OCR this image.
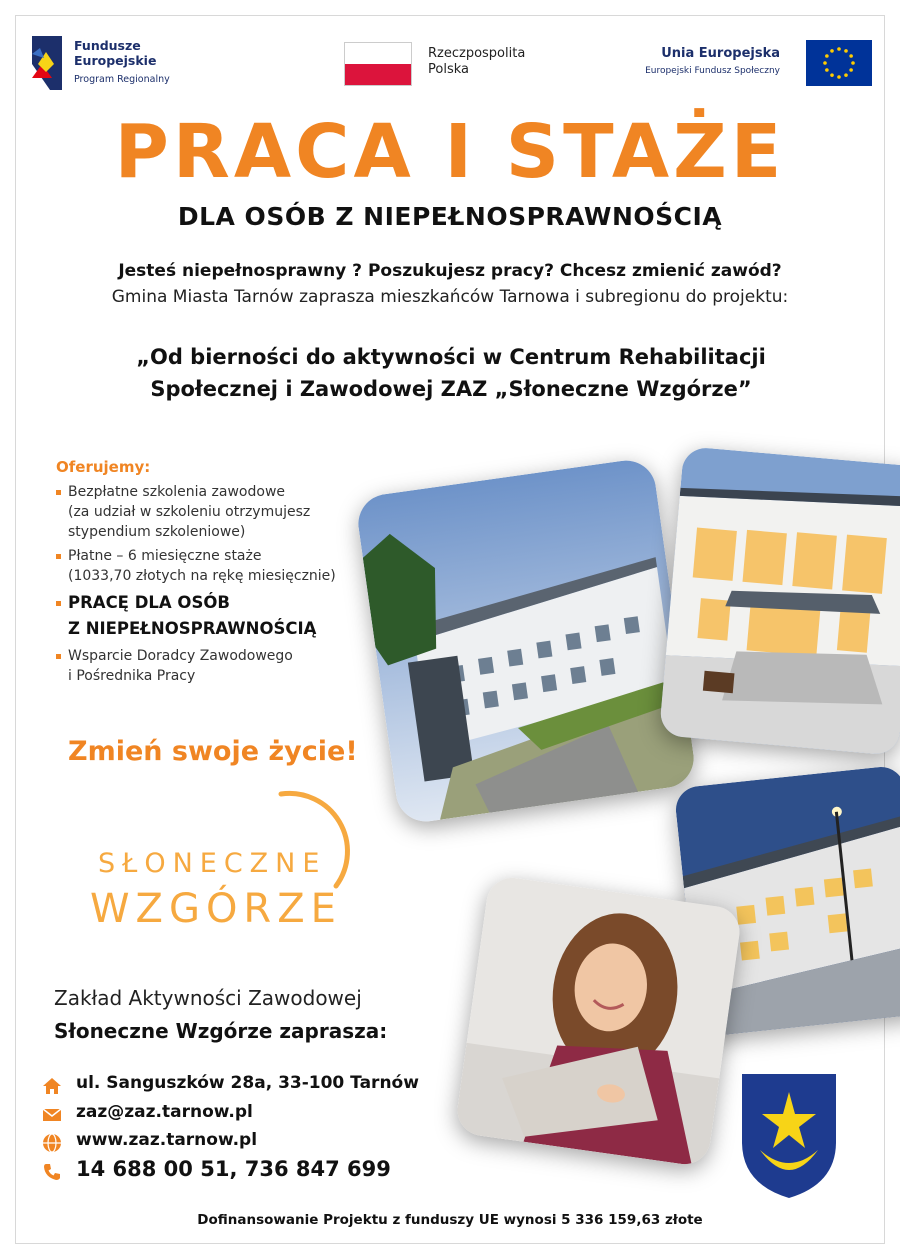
Fundusze
Europejskie
Program Regionalny
Rzeczpospolita
Polska
Unia Europejska
Europejski Fundusz Społeczny
PRACA I STAŻE
DLA OSÓB Z NIEPEŁNOSPRAWNOŚCIĄ
Jesteś niepełnosprawny ? Poszukujesz pracy? Chcesz zmienić zawód?
Gmina Miasta Tarnów zaprasza mieszkańców Tarnowa i subregionu do projektu:
„Od bierności do aktywności w Centrum Rehabilitacji
Społecznej i Zawodowej ZAZ „Słoneczne Wzgórze”
Oferujemy:
Bezpłatne szkolenia zawodowe
(za udział w szkoleniu otrzymujesz
stypendium szkoleniowe)
Płatne – 6 miesięczne staże
(1033,70 złotych na rękę miesięcznie)
PRACĘ DLA OSÓB
Z NIEPEŁNOSPRAWNOŚCIĄ
Wsparcie Doradcy Zawodowego
i Pośrednika Pracy
Zmień swoje życie!
SŁONECZNE
WZGÓRZE
Zakład Aktywności Zawodowej
Słoneczne Wzgórze zaprasza:
ul. Sanguszków 28a, 33-100 Tarnów
zaz@zaz.tarnow.pl
www.zaz.tarnow.pl
14 688 00 51, 736 847 699
Dofinansowanie Projektu z funduszy UE wynosi 5 336 159,63 złote
